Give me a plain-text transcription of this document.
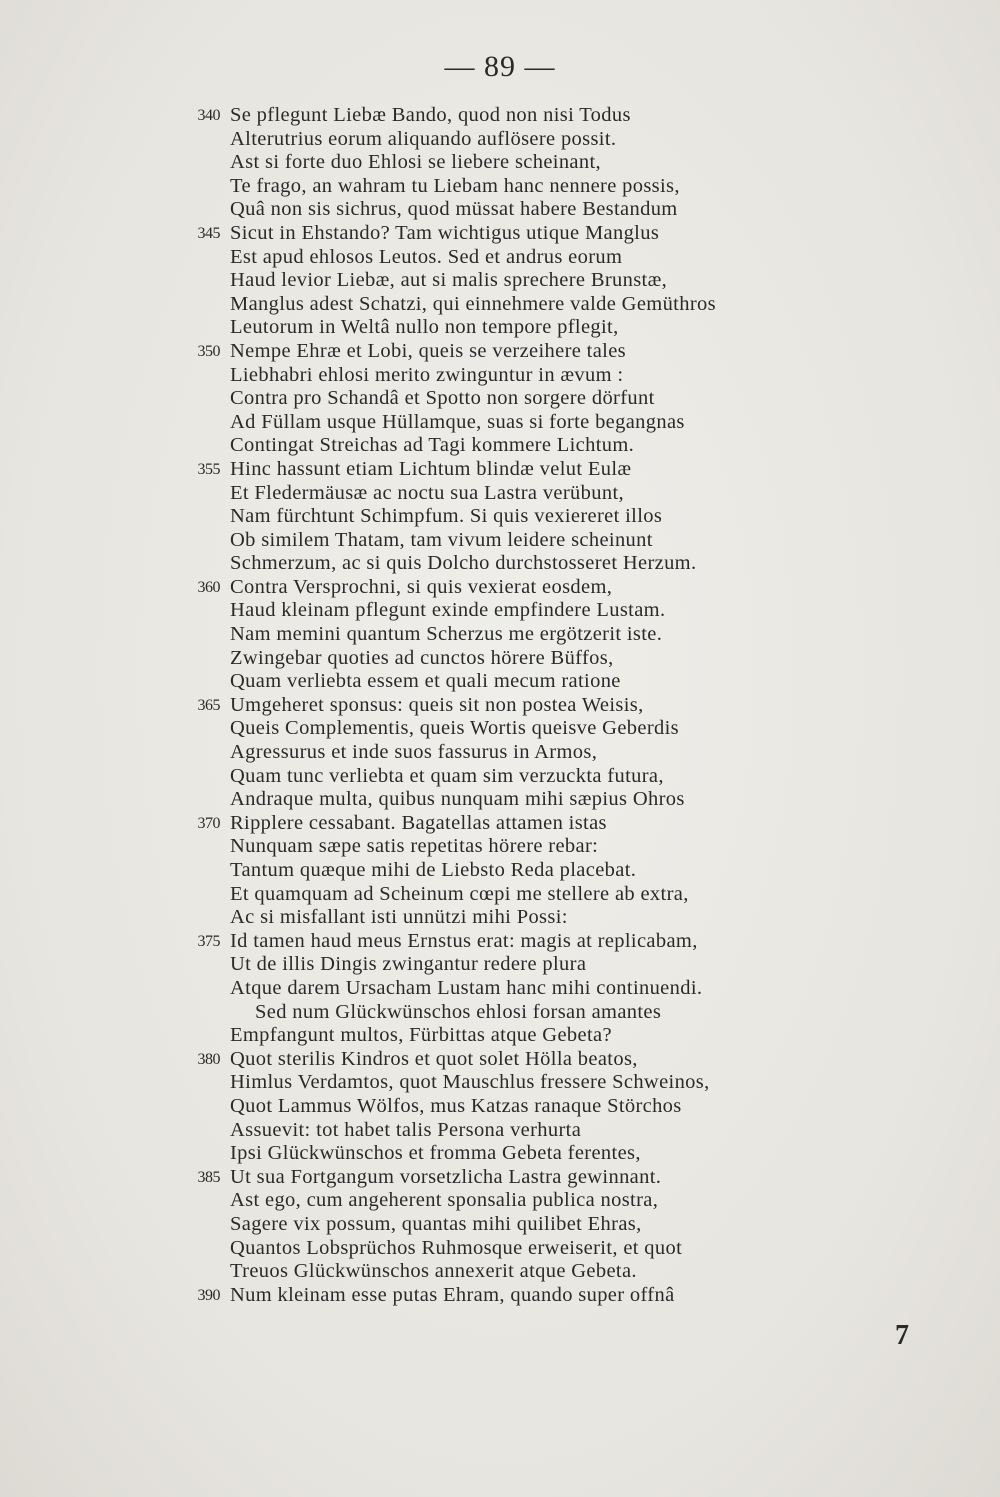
— 89 —
340 Se pflegunt Liebæ Bando, quod non nisi Todus
Alterutrius eorum aliquando auflösere possit.
Ast si forte duo Ehlosi se liebere scheinant,
Te frago, an wahram tu Liebam hanc nennere possis,
Quâ non sis sichrus, quod müssat habere Bestandum
345 Sicut in Ehstando? Tam wichtigus utique Manglus
Est apud ehlosos Leutos. Sed et andrus eorum
Haud levior Liebæ, aut si malis sprechere Brunstæ,
Manglus adest Schatzi, qui einnehmere valde Gemüthros
Leutorum in Weltâ nullo non tempore pflegit,
350 Nempe Ehræ et Lobi, queis se verzeihere tales
Liebhabri ehlosi merito zwinguntur in ævum :
Contra pro Schandâ et Spotto non sorgere dörfunt
Ad Füllam usque Hüllamque, suas si forte begangnas
Contingat Streichas ad Tagi kommere Lichtum.
355 Hinc hassunt etiam Lichtum blindæ velut Eulæ
Et Fledermäusæ ac noctu sua Lastra verübunt,
Nam fürchtunt Schimpfum. Si quis vexiereret illos
Ob similem Thatam, tam vivum leidere scheinunt
Schmerzum, ac si quis Dolcho durchstosseret Herzum.
360 Contra Versprochni, si quis vexierat eosdem,
Haud kleinam pflegunt exinde empfindere Lustam.
Nam memini quantum Scherzus me ergötzerit iste.
Zwingebar quoties ad cunctos hörere Büffos,
Quam verliebta essem et quali mecum ratione
365 Umgeheret sponsus: queis sit non postea Weisis,
Queis Complementis, queis Wortis queisve Geberdis
Agressurus et inde suos fassurus in Armos,
Quam tunc verliebta et quam sim verzuckta futura,
Andraque multa, quibus nunquam mihi sæpius Ohros
370 Ripplere cessabant. Bagatellas attamen istas
Nunquam sæpe satis repetitas hörere rebar:
Tantum quæque mihi de Liebsto Reda placebat.
Et quamquam ad Scheinum cœpi me stellere ab extra,
Ac si misfallant isti unnützi mihi Possi:
375 Id tamen haud meus Ernstus erat: magis at replicabam,
Ut de illis Dingis zwingantur redere plura
Atque darem Ursacham Lustam hanc mihi continuendi.
Sed num Glückwünschos ehlosi forsan amantes
Empfangunt multos, Fürbittas atque Gebeta?
380 Quot sterilis Kindros et quot solet Hölla beatos,
Himlus Verdamtos, quot Mauschlus fressere Schweinos,
Quot Lammus Wölfos, mus Katzas ranaque Störchos
Assuevit: tot habet talis Persona verhurta
Ipsi Glückwünschos et fromma Gebeta ferentes,
385 Ut sua Fortgangum vorsetzlicha Lastra gewinnant.
Ast ego, cum angeherent sponsalia publica nostra,
Sagere vix possum, quantas mihi quilibet Ehras,
Quantos Lobsprüchos Ruhmosque erweiserit, et quot
Treuos Glückwünschos annexerit atque Gebeta.
390 Num kleinam esse putas Ehram, quando super offnâ
7
